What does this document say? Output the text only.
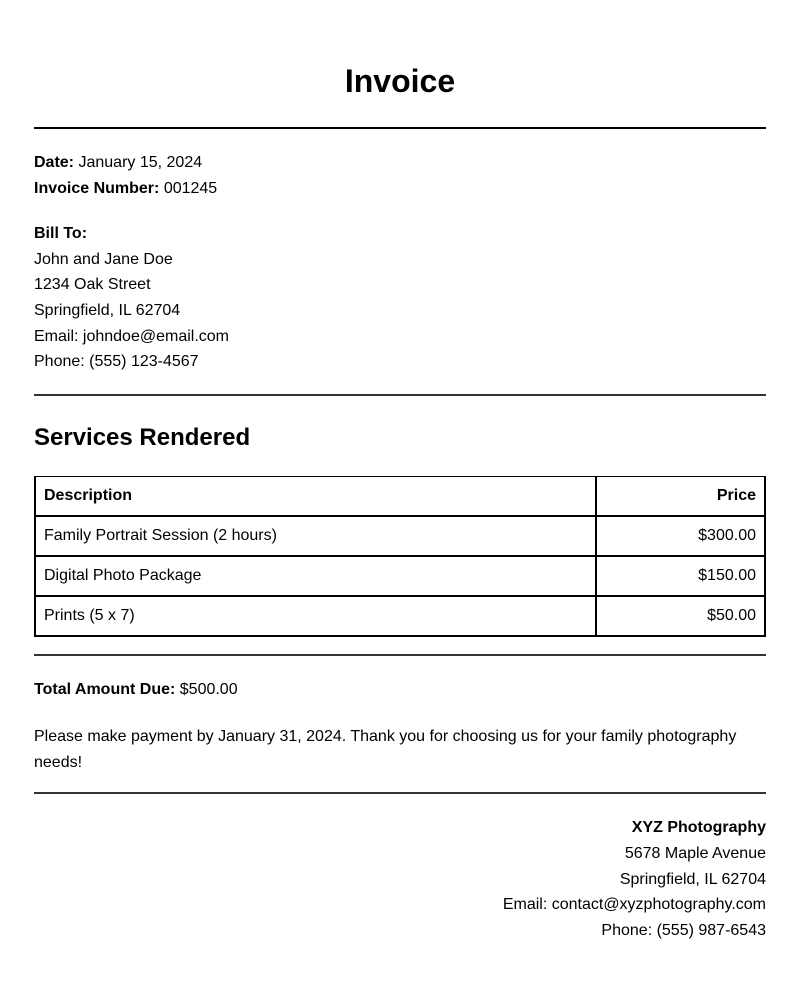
Invoice
Date: January 15, 2024
Invoice Number: 001245
Bill To:
John and Jane Doe
1234 Oak Street
Springfield, IL 62704
Email: johndoe@email.com
Phone: (555) 123-4567
Services Rendered
Description	Price
Family Portrait Session (2 hours)	$300.00
Digital Photo Package	$150.00
Prints (5 x 7)	$50.00
Total Amount Due: $500.00
Please make payment by January 31, 2024. Thank you for choosing us for your family photography needs!
XYZ Photography
5678 Maple Avenue
Springfield, IL 62704
Email: contact@xyzphotography.com
Phone: (555) 987-6543
